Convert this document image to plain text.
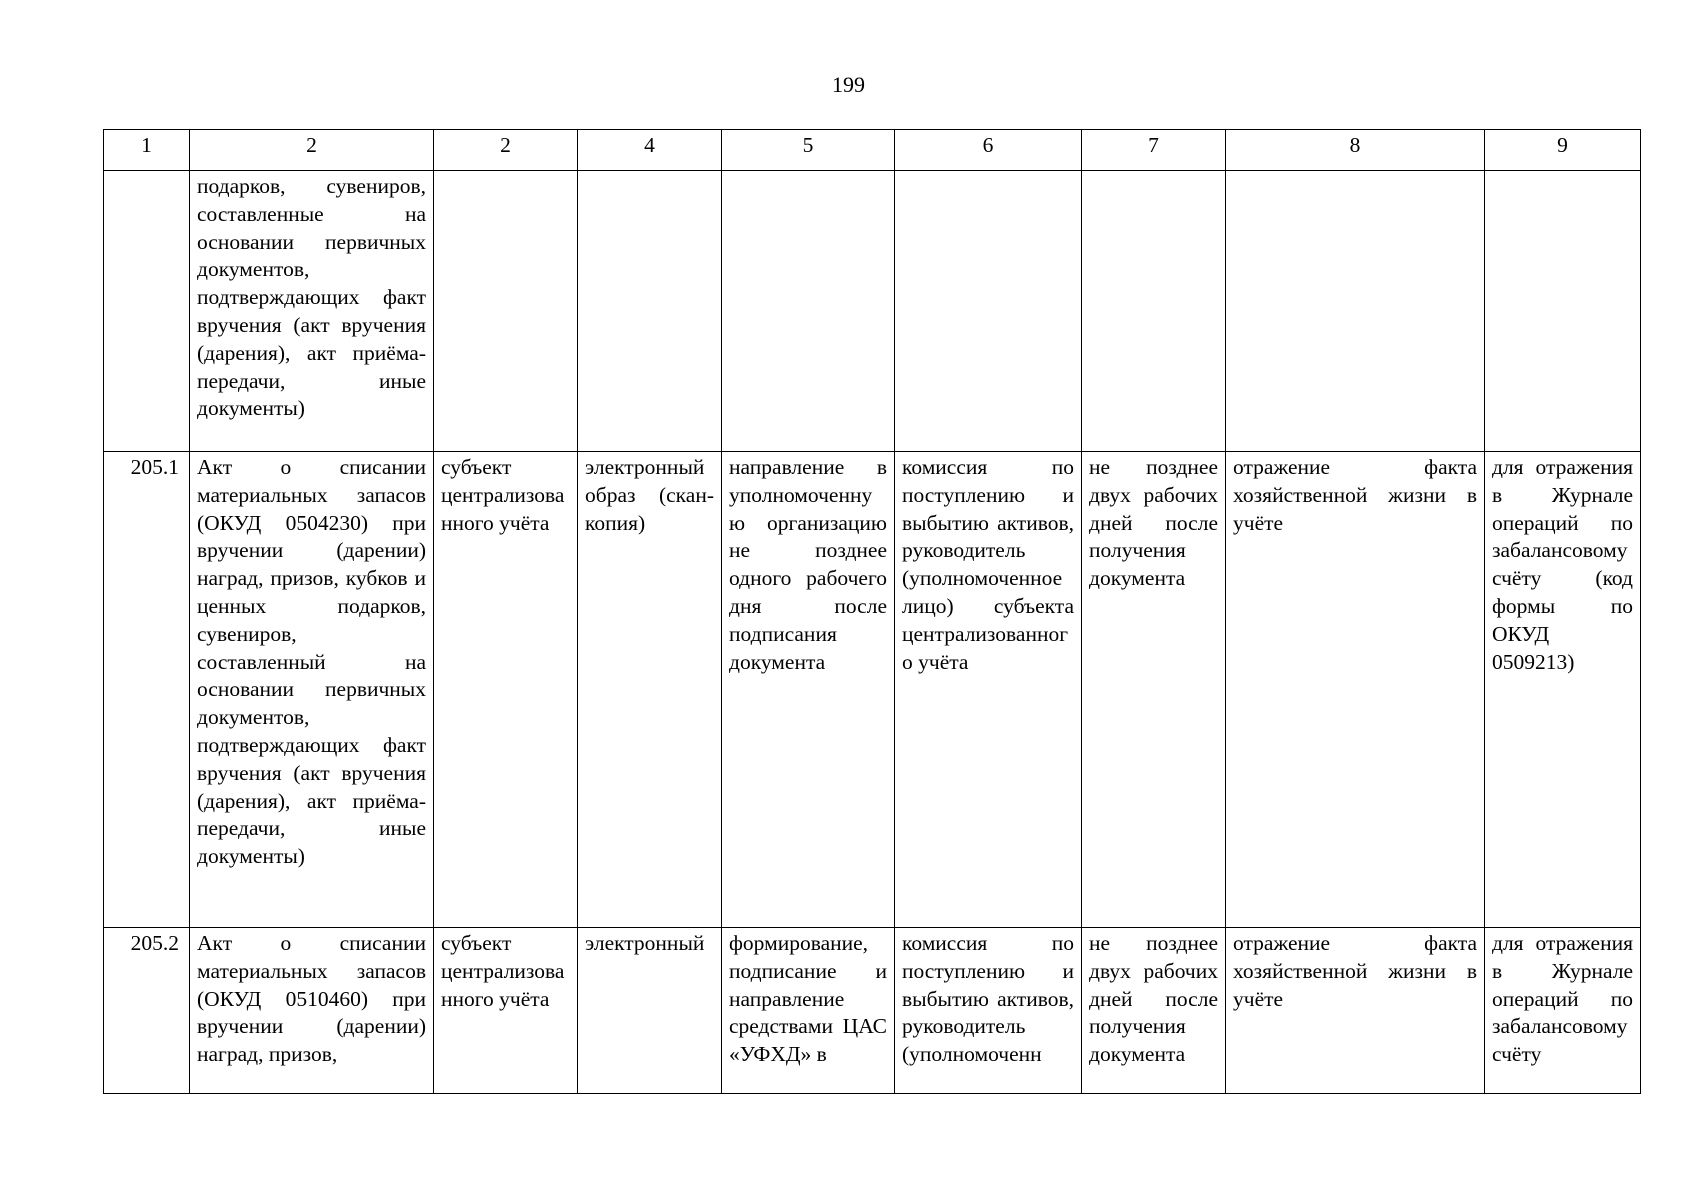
199
1	2	2	4	5	6	7	8	9
	подарков, сувениров, составленные на основании первичных документов, подтверждающих факт вручения (акт вручения (дарения), акт приёма-передачи, иные документы)							
205.1	Акт о списании материальных запасов (ОКУД 0504230) при вручении (дарении) наград, призов, кубков и ценных подарков, сувениров, составленный на основании первичных документов, подтверждающих факт вручения (акт вручения (дарения), акт приёма-передачи, иные документы)	субъект централизованного учёта	электронный образ (скан-копия)	направление в уполномоченную организацию не позднее одного рабочего дня после подписания документа	комиссия по поступлению и выбытию активов, руководитель (уполномоченное лицо) субъекта централизованного учёта	не позднее двух рабочих дней после получения документа	отражение факта хозяйственной жизни в учёте	для отражения в Журнале операций по забалансовому счёту (код формы по ОКУД 0509213)
205.2	Акт о списании материальных запасов (ОКУД 0510460) при вручении (дарении) наград, призов,	субъект централизованного учёта	электронный	формирование, подписание и направление средствами ЦАС «УФХД» в	комиссия по поступлению и выбытию активов, руководитель (уполномоченн	не позднее двух рабочих дней после получения документа	отражение факта хозяйственной жизни в учёте	для отражения в Журнале операций по забалансовому счёту
